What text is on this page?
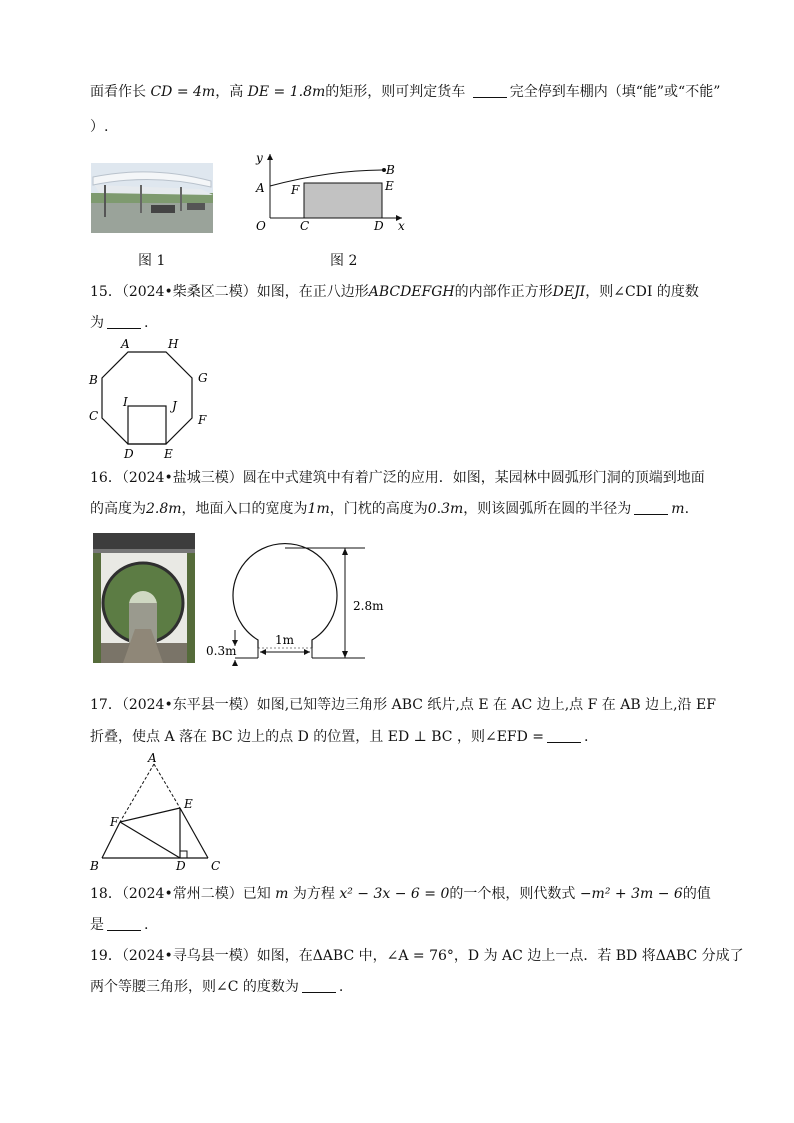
面看作长 CD = 4m，高 DE = 1.8m的矩形，则可判定货车	完全停到车棚内（填“能”或“不能”
）.
图 1
y
x
A
B
E
F
O	C	D
图 2
15．（2024•柴桑区二模）如图，在正八边形ABCDEFGH的内部作正方形DEJI，则∠CDI 的度数
为	.
A	H
B	G
C
I	J
F
D	E
16．（2024•盐城三模）圆在中式建筑中有着广泛的应用．如图，某园林中圆弧形门洞的顶端到地面
的高度为2.8m，地面入口的宽度为1m，门枕的高度为0.3m，则该圆弧所在圆的半径为	m.
2.8m
1m
0.3m
17．（2024•东平县一模）如图,已知等边三角形 ABC 纸片,点 E 在 AC 边上,点 F 在 AB 边上,沿 EF
折叠，使点 A 落在 BC 边上的点 D 的位置，且 ED ⊥ BC ，则∠EFD =	.
A
E
F
B	D C
18．（2024•常州二模）已知 m 为方程 x² − 3x − 6 = 0的一个根，则代数式 −m² + 3m − 6的值
是	.
19．（2024•寻乌县一模）如图，在ΔABC 中，∠A = 76°，D 为 AC 边上一点．若 BD 将ΔABC 分成了
两个等腰三角形，则∠C 的度数为	.
